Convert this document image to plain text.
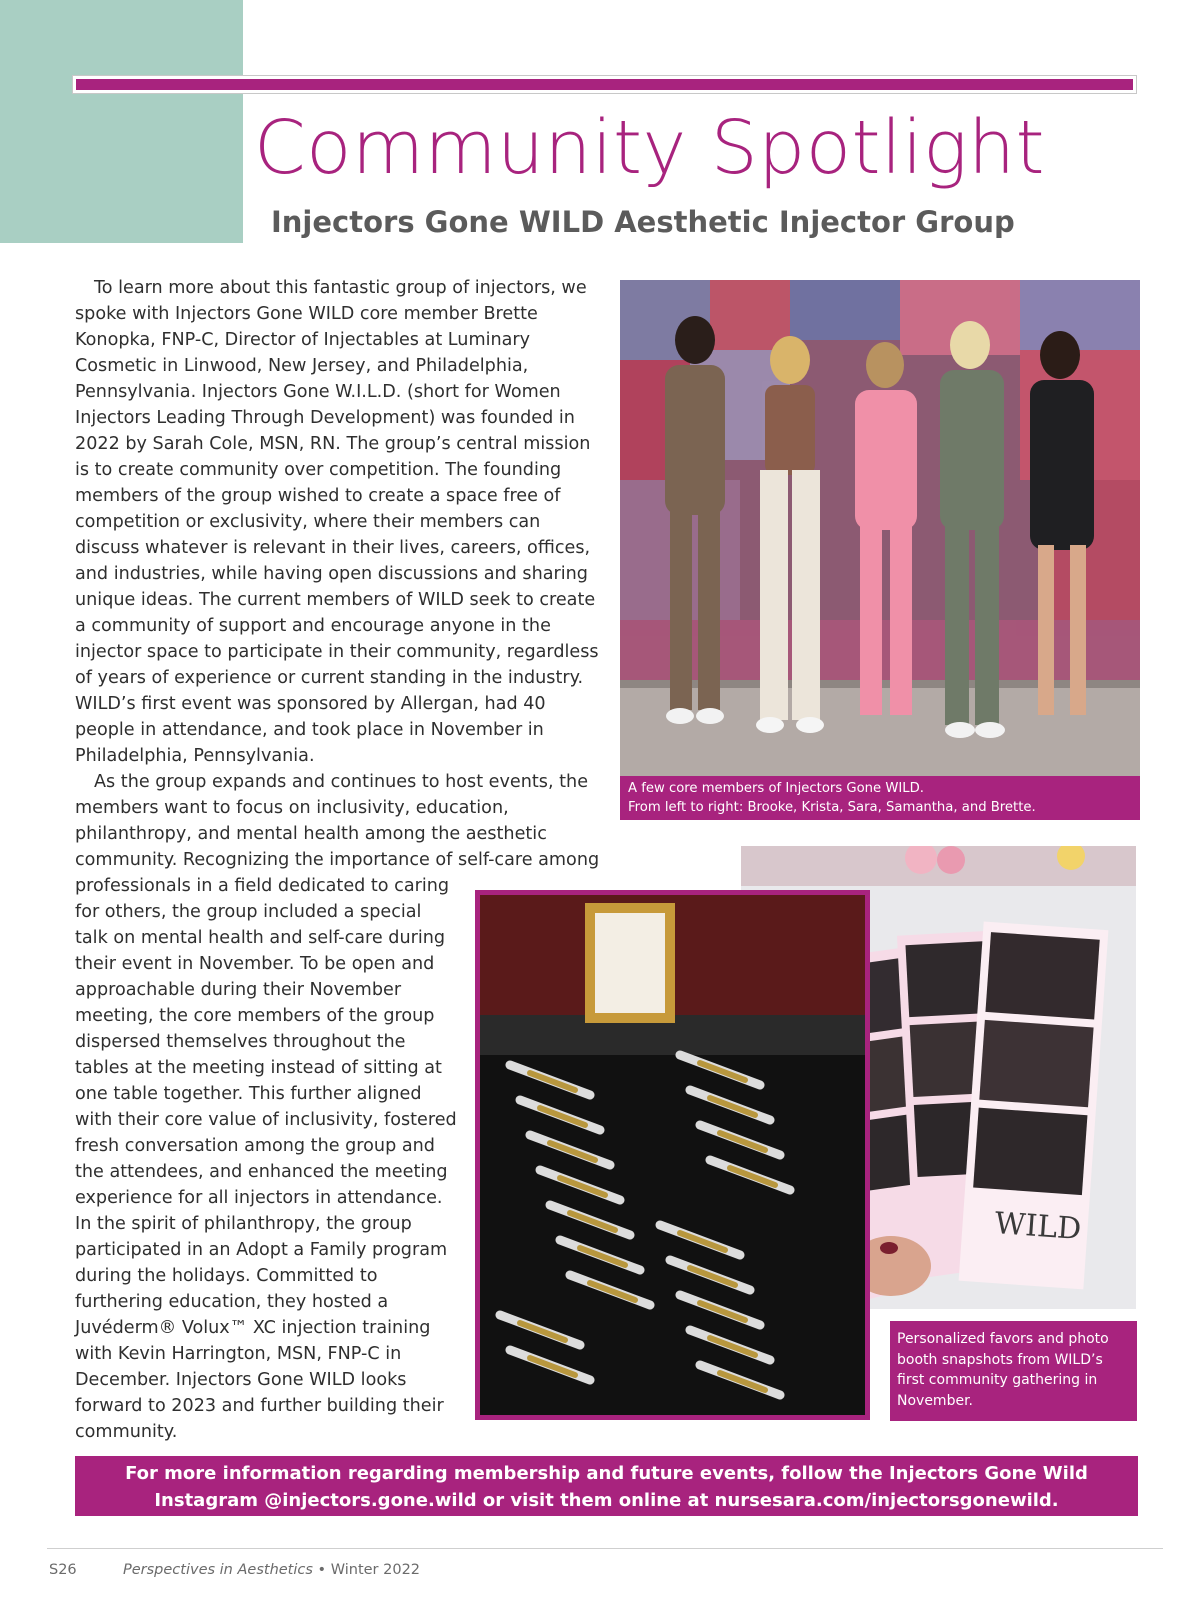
Community Spotlight
Injectors Gone WILD Aesthetic Injector Group

To learn more about this fantastic group of injectors, we spoke with Injectors Gone WILD core member Brette Konopka, FNP-C, Director of Injectables at Luminary Cosmetic in Linwood, New Jersey, and Philadelphia, Pennsylvania. Injectors Gone W.I.L.D. (short for Women Injectors Leading Through Development) was founded in 2022 by Sarah Cole, MSN, RN. The group’s central mission is to create community over competition. The founding members of the group wished to create a space free of competition or exclusivity, where their members can discuss whatever is relevant in their lives, careers, offices, and industries, while having open discussions and sharing unique ideas. The current members of WILD seek to create a community of support and encourage anyone in the injector space to participate in their community, regardless of years of experience or current standing in the industry. WILD’s first event was sponsored by Allergan, had 40 people in attendance, and took place in November in Philadelphia, Pennsylvania.

As the group expands and continues to host events, the members want to focus on inclusivity, education, philanthropy, and mental health among the aesthetic community. Recognizing the importance of self-care among professionals in a field dedicated to caring for others, the group included a special talk on mental health and self-care during their event in November. To be open and approachable during their November meeting, the core members of the group dispersed themselves throughout the tables at the meeting instead of sitting at one table together. This further aligned with their core value of inclusivity, fostered fresh conversation among the group and the attendees, and enhanced the meeting experience for all injectors in attendance. In the spirit of philanthropy, the group participated in an Adopt a Family program during the holidays. Committed to furthering education, they hosted a Juvéderm® Volux™ XC injection training with Kevin Harrington, MSN, FNP-C in December. Injectors Gone WILD looks forward to 2023 and further building their community.

A few core members of Injectors Gone WILD.
From left to right: Brooke, Krista, Sara, Samantha, and Brette.
WILD
Personalized favors and photo booth snapshots from WILD’s first community gathering in November.
For more information regarding membership and future events, follow the Injectors Gone Wild
Instagram @injectors.gone.wild or visit them online at nursesara.com/injectorsgonewild.
S26	Perspectives in Aesthetics • Winter 2022
